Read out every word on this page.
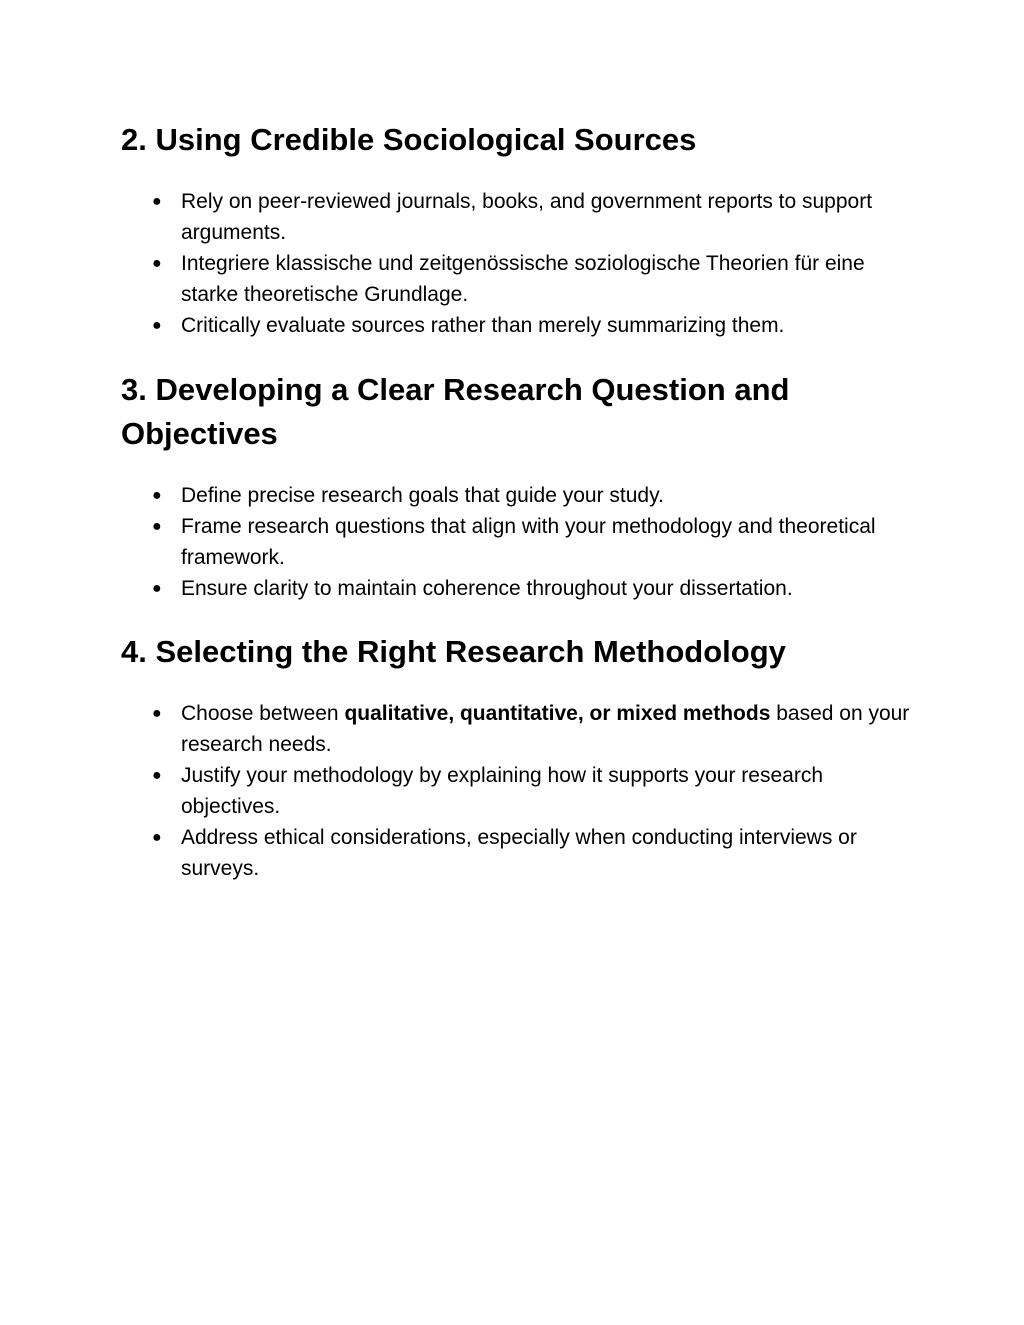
2. Using Credible Sociological Sources
● Rely on peer-reviewed journals, books, and government reports to support arguments.
● Integriere klassische und zeitgenössische soziologische Theorien für eine starke theoretische Grundlage.
● Critically evaluate sources rather than merely summarizing them.
3. Developing a Clear Research Question and Objectives
● Define precise research goals that guide your study.
● Frame research questions that align with your methodology and theoretical framework.
● Ensure clarity to maintain coherence throughout your dissertation.
4. Selecting the Right Research Methodology
● Choose between qualitative, quantitative, or mixed methods based on your research needs.
● Justify your methodology by explaining how it supports your research objectives.
● Address ethical considerations, especially when conducting interviews or surveys.
